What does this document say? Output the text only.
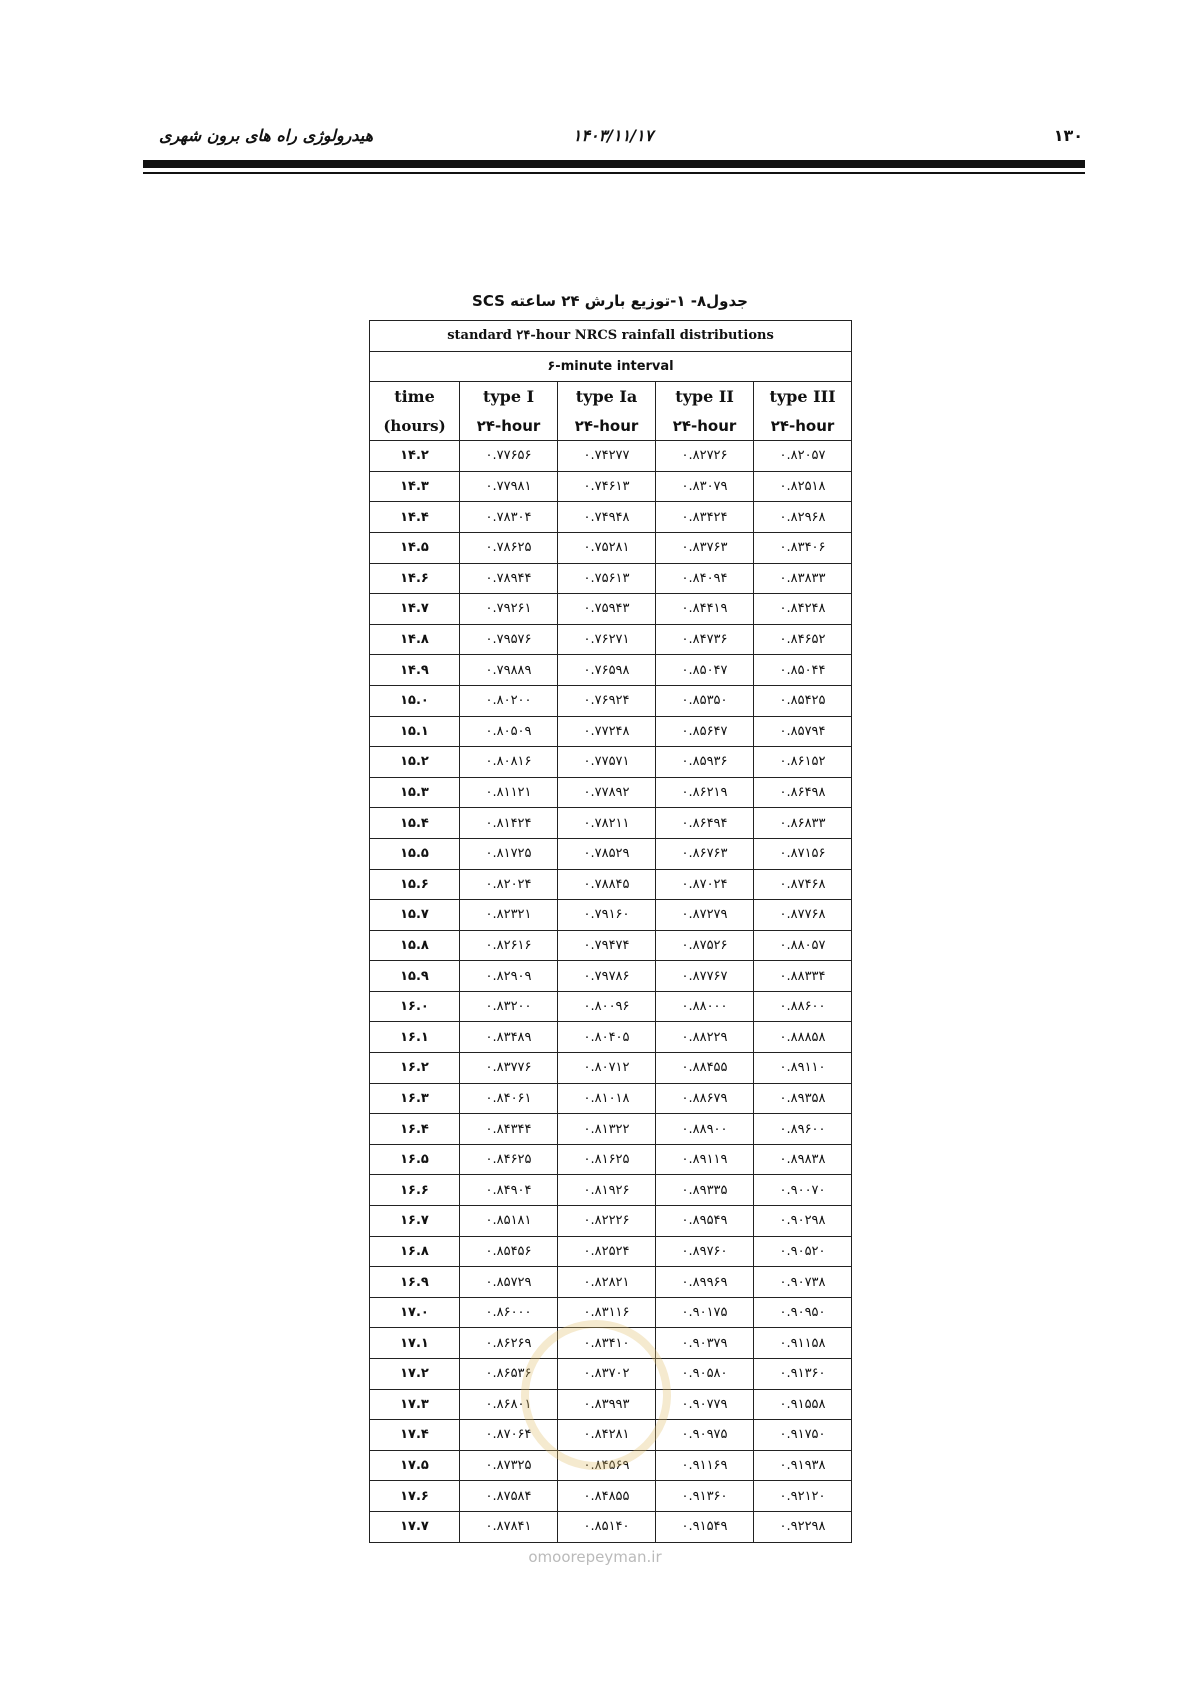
هیدرولوژی راه های برون شهری	۱۴۰۳/۱۱/۱۷	۱۳۰
جدول۸- ۱-توزیع بارش ۲۴ ساعته SCS
standard ۲۴-hour NRCS rainfall distributions				
۶-minute interval				
time	type I	type Ia	type II	type III
(hours)	۲۴-hour	۲۴-hour	۲۴-hour	۲۴-hour
۱۴.۲	۰.۷۷۶۵۶	۰.۷۴۲۷۷	۰.۸۲۷۲۶	۰.۸۲۰۵۷
۱۴.۳	۰.۷۷۹۸۱	۰.۷۴۶۱۳	۰.۸۳۰۷۹	۰.۸۲۵۱۸
۱۴.۴	۰.۷۸۳۰۴	۰.۷۴۹۴۸	۰.۸۳۴۲۴	۰.۸۲۹۶۸
۱۴.۵	۰.۷۸۶۲۵	۰.۷۵۲۸۱	۰.۸۳۷۶۳	۰.۸۳۴۰۶
۱۴.۶	۰.۷۸۹۴۴	۰.۷۵۶۱۳	۰.۸۴۰۹۴	۰.۸۳۸۳۳
۱۴.۷	۰.۷۹۲۶۱	۰.۷۵۹۴۳	۰.۸۴۴۱۹	۰.۸۴۲۴۸
۱۴.۸	۰.۷۹۵۷۶	۰.۷۶۲۷۱	۰.۸۴۷۳۶	۰.۸۴۶۵۲
۱۴.۹	۰.۷۹۸۸۹	۰.۷۶۵۹۸	۰.۸۵۰۴۷	۰.۸۵۰۴۴
۱۵.۰	۰.۸۰۲۰۰	۰.۷۶۹۲۴	۰.۸۵۳۵۰	۰.۸۵۴۲۵
۱۵.۱	۰.۸۰۵۰۹	۰.۷۷۲۴۸	۰.۸۵۶۴۷	۰.۸۵۷۹۴
۱۵.۲	۰.۸۰۸۱۶	۰.۷۷۵۷۱	۰.۸۵۹۳۶	۰.۸۶۱۵۲
۱۵.۳	۰.۸۱۱۲۱	۰.۷۷۸۹۲	۰.۸۶۲۱۹	۰.۸۶۴۹۸
۱۵.۴	۰.۸۱۴۲۴	۰.۷۸۲۱۱	۰.۸۶۴۹۴	۰.۸۶۸۳۳
۱۵.۵	۰.۸۱۷۲۵	۰.۷۸۵۲۹	۰.۸۶۷۶۳	۰.۸۷۱۵۶
۱۵.۶	۰.۸۲۰۲۴	۰.۷۸۸۴۵	۰.۸۷۰۲۴	۰.۸۷۴۶۸
۱۵.۷	۰.۸۲۳۲۱	۰.۷۹۱۶۰	۰.۸۷۲۷۹	۰.۸۷۷۶۸
۱۵.۸	۰.۸۲۶۱۶	۰.۷۹۴۷۴	۰.۸۷۵۲۶	۰.۸۸۰۵۷
۱۵.۹	۰.۸۲۹۰۹	۰.۷۹۷۸۶	۰.۸۷۷۶۷	۰.۸۸۳۳۴
۱۶.۰	۰.۸۳۲۰۰	۰.۸۰۰۹۶	۰.۸۸۰۰۰	۰.۸۸۶۰۰
۱۶.۱	۰.۸۳۴۸۹	۰.۸۰۴۰۵	۰.۸۸۲۲۹	۰.۸۸۸۵۸
۱۶.۲	۰.۸۳۷۷۶	۰.۸۰۷۱۲	۰.۸۸۴۵۵	۰.۸۹۱۱۰
۱۶.۳	۰.۸۴۰۶۱	۰.۸۱۰۱۸	۰.۸۸۶۷۹	۰.۸۹۳۵۸
۱۶.۴	۰.۸۴۳۴۴	۰.۸۱۳۲۲	۰.۸۸۹۰۰	۰.۸۹۶۰۰
۱۶.۵	۰.۸۴۶۲۵	۰.۸۱۶۲۵	۰.۸۹۱۱۹	۰.۸۹۸۳۸
۱۶.۶	۰.۸۴۹۰۴	۰.۸۱۹۲۶	۰.۸۹۳۳۵	۰.۹۰۰۷۰
۱۶.۷	۰.۸۵۱۸۱	۰.۸۲۲۲۶	۰.۸۹۵۴۹	۰.۹۰۲۹۸
۱۶.۸	۰.۸۵۴۵۶	۰.۸۲۵۲۴	۰.۸۹۷۶۰	۰.۹۰۵۲۰
۱۶.۹	۰.۸۵۷۲۹	۰.۸۲۸۲۱	۰.۸۹۹۶۹	۰.۹۰۷۳۸
۱۷.۰	۰.۸۶۰۰۰	۰.۸۳۱۱۶	۰.۹۰۱۷۵	۰.۹۰۹۵۰
۱۷.۱	۰.۸۶۲۶۹	۰.۸۳۴۱۰	۰.۹۰۳۷۹	۰.۹۱۱۵۸
۱۷.۲	۰.۸۶۵۳۶	۰.۸۳۷۰۲	۰.۹۰۵۸۰	۰.۹۱۳۶۰
۱۷.۳	۰.۸۶۸۰۱	۰.۸۳۹۹۳	۰.۹۰۷۷۹	۰.۹۱۵۵۸
۱۷.۴	۰.۸۷۰۶۴	۰.۸۴۲۸۱	۰.۹۰۹۷۵	۰.۹۱۷۵۰
۱۷.۵	۰.۸۷۳۲۵	۰.۸۴۵۶۹	۰.۹۱۱۶۹	۰.۹۱۹۳۸
۱۷.۶	۰.۸۷۵۸۴	۰.۸۴۸۵۵	۰.۹۱۳۶۰	۰.۹۲۱۲۰
۱۷.۷	۰.۸۷۸۴۱	۰.۸۵۱۴۰	۰.۹۱۵۴۹	۰.۹۲۲۹۸
omoorepeyman.ir
